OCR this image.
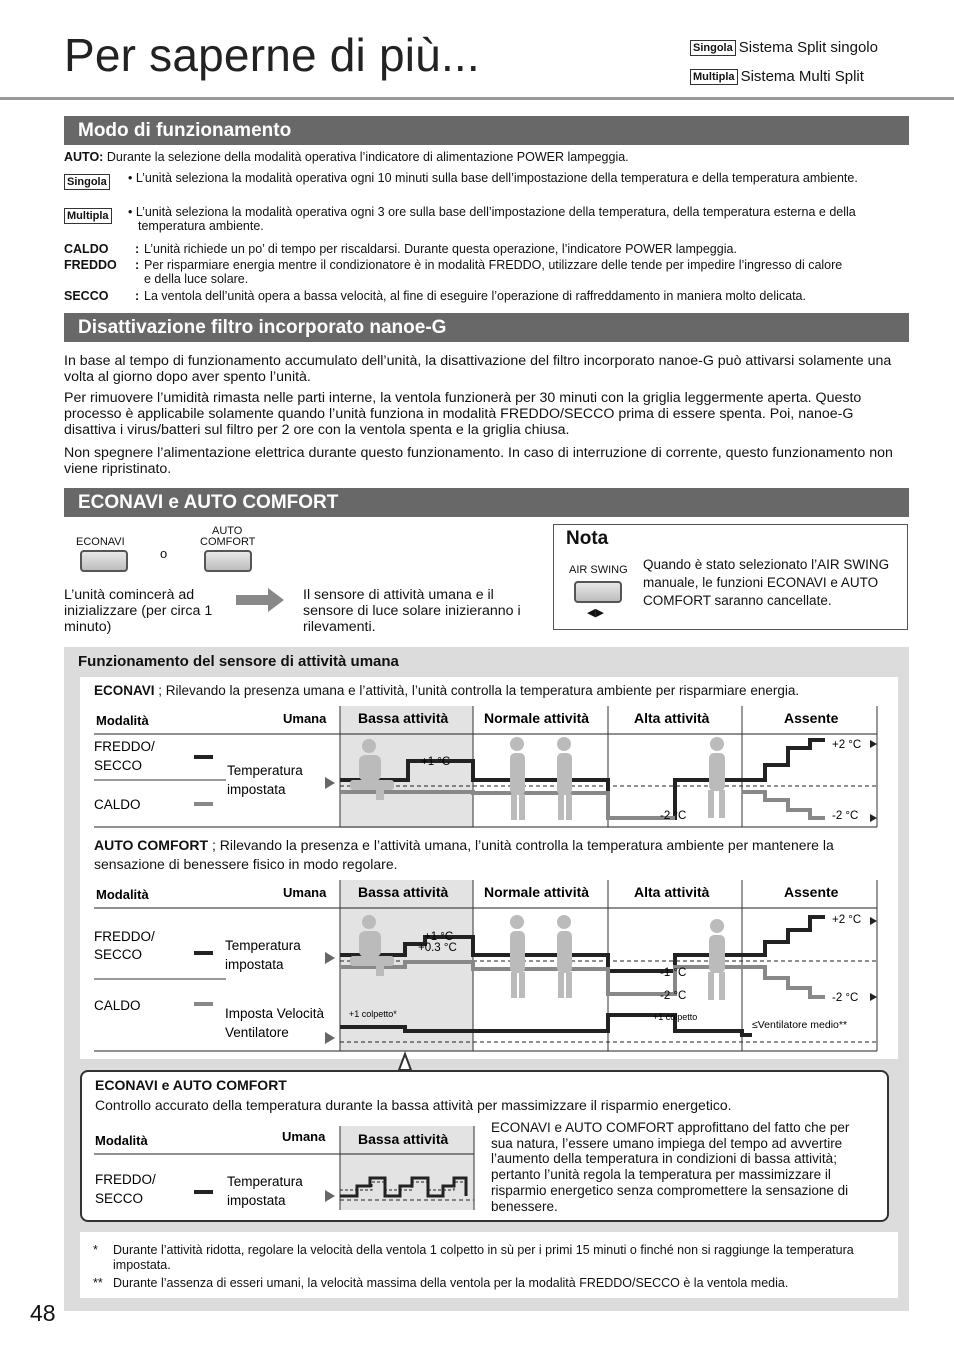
Per saperne di più...	Singola Sistema Split singolo
Multipla Sistema Multi Split
Modo di funzionamento
AUTO: Durante la selezione della modalità operativa l’indicatore di alimentazione POWER lampeggia.
Singola • L’unità seleziona la modalità operativa ogni 10 minuti sulla base dell’impostazione della temperatura e della temperatura ambiente.
Multipla • L’unità seleziona la modalità operativa ogni 3 ore sulla base dell’impostazione della temperatura, della temperatura esterna e della temperatura ambiente.
CALDO : L’unità richiede un po’ di tempo per riscaldarsi. Durante questa operazione, l’indicatore POWER lampeggia.
FREDDO : Per risparmiare energia mentre il condizionatore è in modalità FREDDO, utilizzare delle tende per impedire l’ingresso di calore e della luce solare.
SECCO : La ventola dell’unità opera a bassa velocità, al fine di eseguire l’operazione di raffreddamento in maniera molto delicata.
Disattivazione filtro incorporato nanoe-G
In base al tempo di funzionamento accumulato dell’unità, la disattivazione del filtro incorporato nanoe-G può attivarsi solamente una volta al giorno dopo aver spento l’unità.
Per rimuovere l’umidità rimasta nelle parti interne, la ventola funzionerà per 30 minuti con la griglia leggermente aperta. Questo processo è applicabile solamente quando l’unità funziona in modalità FREDDO/SECCO prima di essere spenta. Poi, nanoe-G disattiva i virus/batteri sul filtro per 2 ore con la ventola spenta e la griglia chiusa.
Non spegnere l’alimentazione elettrica durante questo funzionamento. In caso di interruzione di corrente, questo funzionamento non viene ripristinato.
ECONAVI e AUTO COMFORT
ECONAVI
o
AUTO
COMFORT
L’unità comincerà ad inizializzare (per circa 1 minuto)
Il sensore di attività umana e il sensore di luce solare inizieranno i rilevamenti.
Nota
AIR SWING
◀▶
Quando è stato selezionato l’AIR SWING manuale, le funzioni ECONAVI e AUTO COMFORT saranno cancellate.
Funzionamento del sensore di attività umana
ECONAVI ; Rilevando la presenza umana e l’attività, l’unità controlla la temperatura ambiente per risparmiare energia.
Modalità	Umana Bassa attività	Normale attività	Alta attività	Assente
FREDDO/
SECCO
CALDO
Temperatura
impostata
+1 °C
-2 °C
+2 °C
-2 °C
AUTO COMFORT ; Rilevando la presenza e l’attività umana, l’unità controlla la temperatura ambiente per mantenere la sensazione di benessere fisico in modo regolare.
Modalità	Umana Bassa attività	Normale attività	Alta attività	Assente
FREDDO/
SECCO
CALDO
Temperatura
impostata
Imposta Velocità
Ventilatore
+1 °C
+0.3 °C
-1 °C
-2 °C
+2 °C
-2 °C
+1 colpetto*	+1 colpetto
≤Ventilatore medio**
ECONAVI e AUTO COMFORT
Controllo accurato della temperatura durante la bassa attività per massimizzare il risparmio energetico.
Modalità	Umana Bassa attività
FREDDO/
SECCO
Temperatura
impostata
ECONAVI e AUTO COMFORT approfittano del fatto che per sua natura, l’essere umano impiega del tempo ad avvertire l’aumento della temperatura in condizioni di bassa attività; pertanto l’unità regola la temperatura per massimizzare il risparmio energetico senza compromettere la sensazione di benessere.
* Durante l’attività ridotta, regolare la velocità della ventola 1 colpetto in sù per i primi 15 minuti o finché non si raggiunge la temperatura impostata.
** Durante l’assenza di esseri umani, la velocità massima della ventola per la modalità FREDDO/SECCO è la ventola media.
48
